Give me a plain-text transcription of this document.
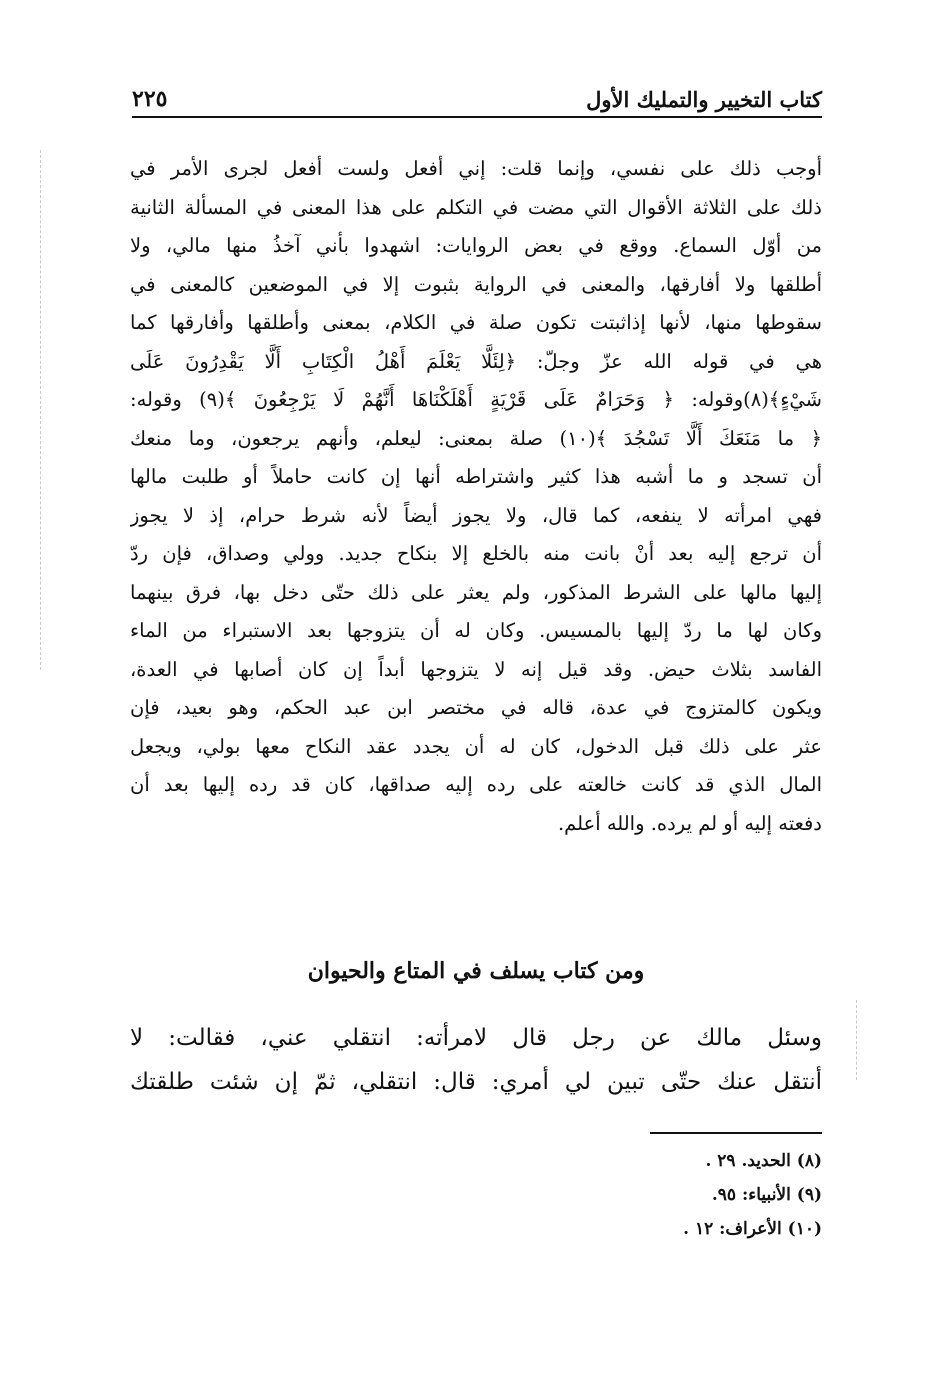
كتاب التخيير والتمليك الأول
٢٢٥
أوجب ذلك على نفسي، وإنما قلت: إني أفعل ولست أفعل لجرى الأمر في
ذلك على الثلاثة الأقوال التي مضت في التكلم على هذا المعنى في المسألة الثانية
من أوّل السماع. ووقع في بعض الروايات: اشهدوا بأني آخذُ منها مالي، ولا
أطلقها ولا أفارقها، والمعنى في الرواية بثبوت إلا في الموضعين كالمعنى في
سقوطها منها، لأنها إذاثبتت تكون صلة في الكلام، بمعنى وأطلقها وأفارقها كما
هي في قوله الله عزّ وجلّ: ﴿لِئَلَّا يَعْلَمَ أَهْلُ الْكِتَابِ أَلَّا يَقْدِرُونَ عَلَى
شَيْءٍ﴾(٨)وقوله: ﴿ وَحَرَامٌ عَلَى قَرْيَةٍ أَهْلَكْنَاهَا أَنَّهُمْ لَا يَرْجِعُونَ ﴾(٩) وقوله:
﴿ ما مَنَعَكَ أَلَّا تَسْجُدَ ﴾(١٠) صلة بمعنى: ليعلم، وأنهم يرجعون، وما منعك
أن تسجد و ما أشبه هذا كثير واشتراطه أنها إن كانت حاملاً أو طلبت مالها
فهي امرأته لا ينفعه، كما قال، ولا يجوز أيضاً لأنه شرط حرام، إذ لا يجوز
أن ترجع إليه بعد أنْ بانت منه بالخلع إلا بنكاح جديد. وولي وصداق، فإن ردّ
إليها مالها على الشرط المذكور، ولم يعثر على ذلك حتّى دخل بها، فرق بينهما
وكان لها ما ردّ إليها بالمسيس. وكان له أن يتزوجها بعد الاستبراء من الماء
الفاسد بثلاث حيض. وقد قيل إنه لا يتزوجها أبداً إن كان أصابها في العدة،
ويكون كالمتزوج في عدة، قاله في مختصر ابن عبد الحكم، وهو بعيد، فإن
عثر على ذلك قبل الدخول، كان له أن يجدد عقد النكاح معها بولي، ويجعل
المال الذي قد كانت خالعته على رده إليه صداقها، كان قد رده إليها بعد أن
دفعته إليه أو لم يرده. والله أعلم.
ومن كتاب يسلف في المتاع والحيوان
وسئل مالك عن رجل قال لامرأته: انتقلي عني، فقالت: لا
أنتقل عنك حتّى تبين لي أمري: قال: انتقلي، ثمّ إن شئت طلقتك
(٨) الحديد. ٢٩ .
(٩) الأنبياء: ٩٥.
(١٠) الأعراف: ١٢ .
